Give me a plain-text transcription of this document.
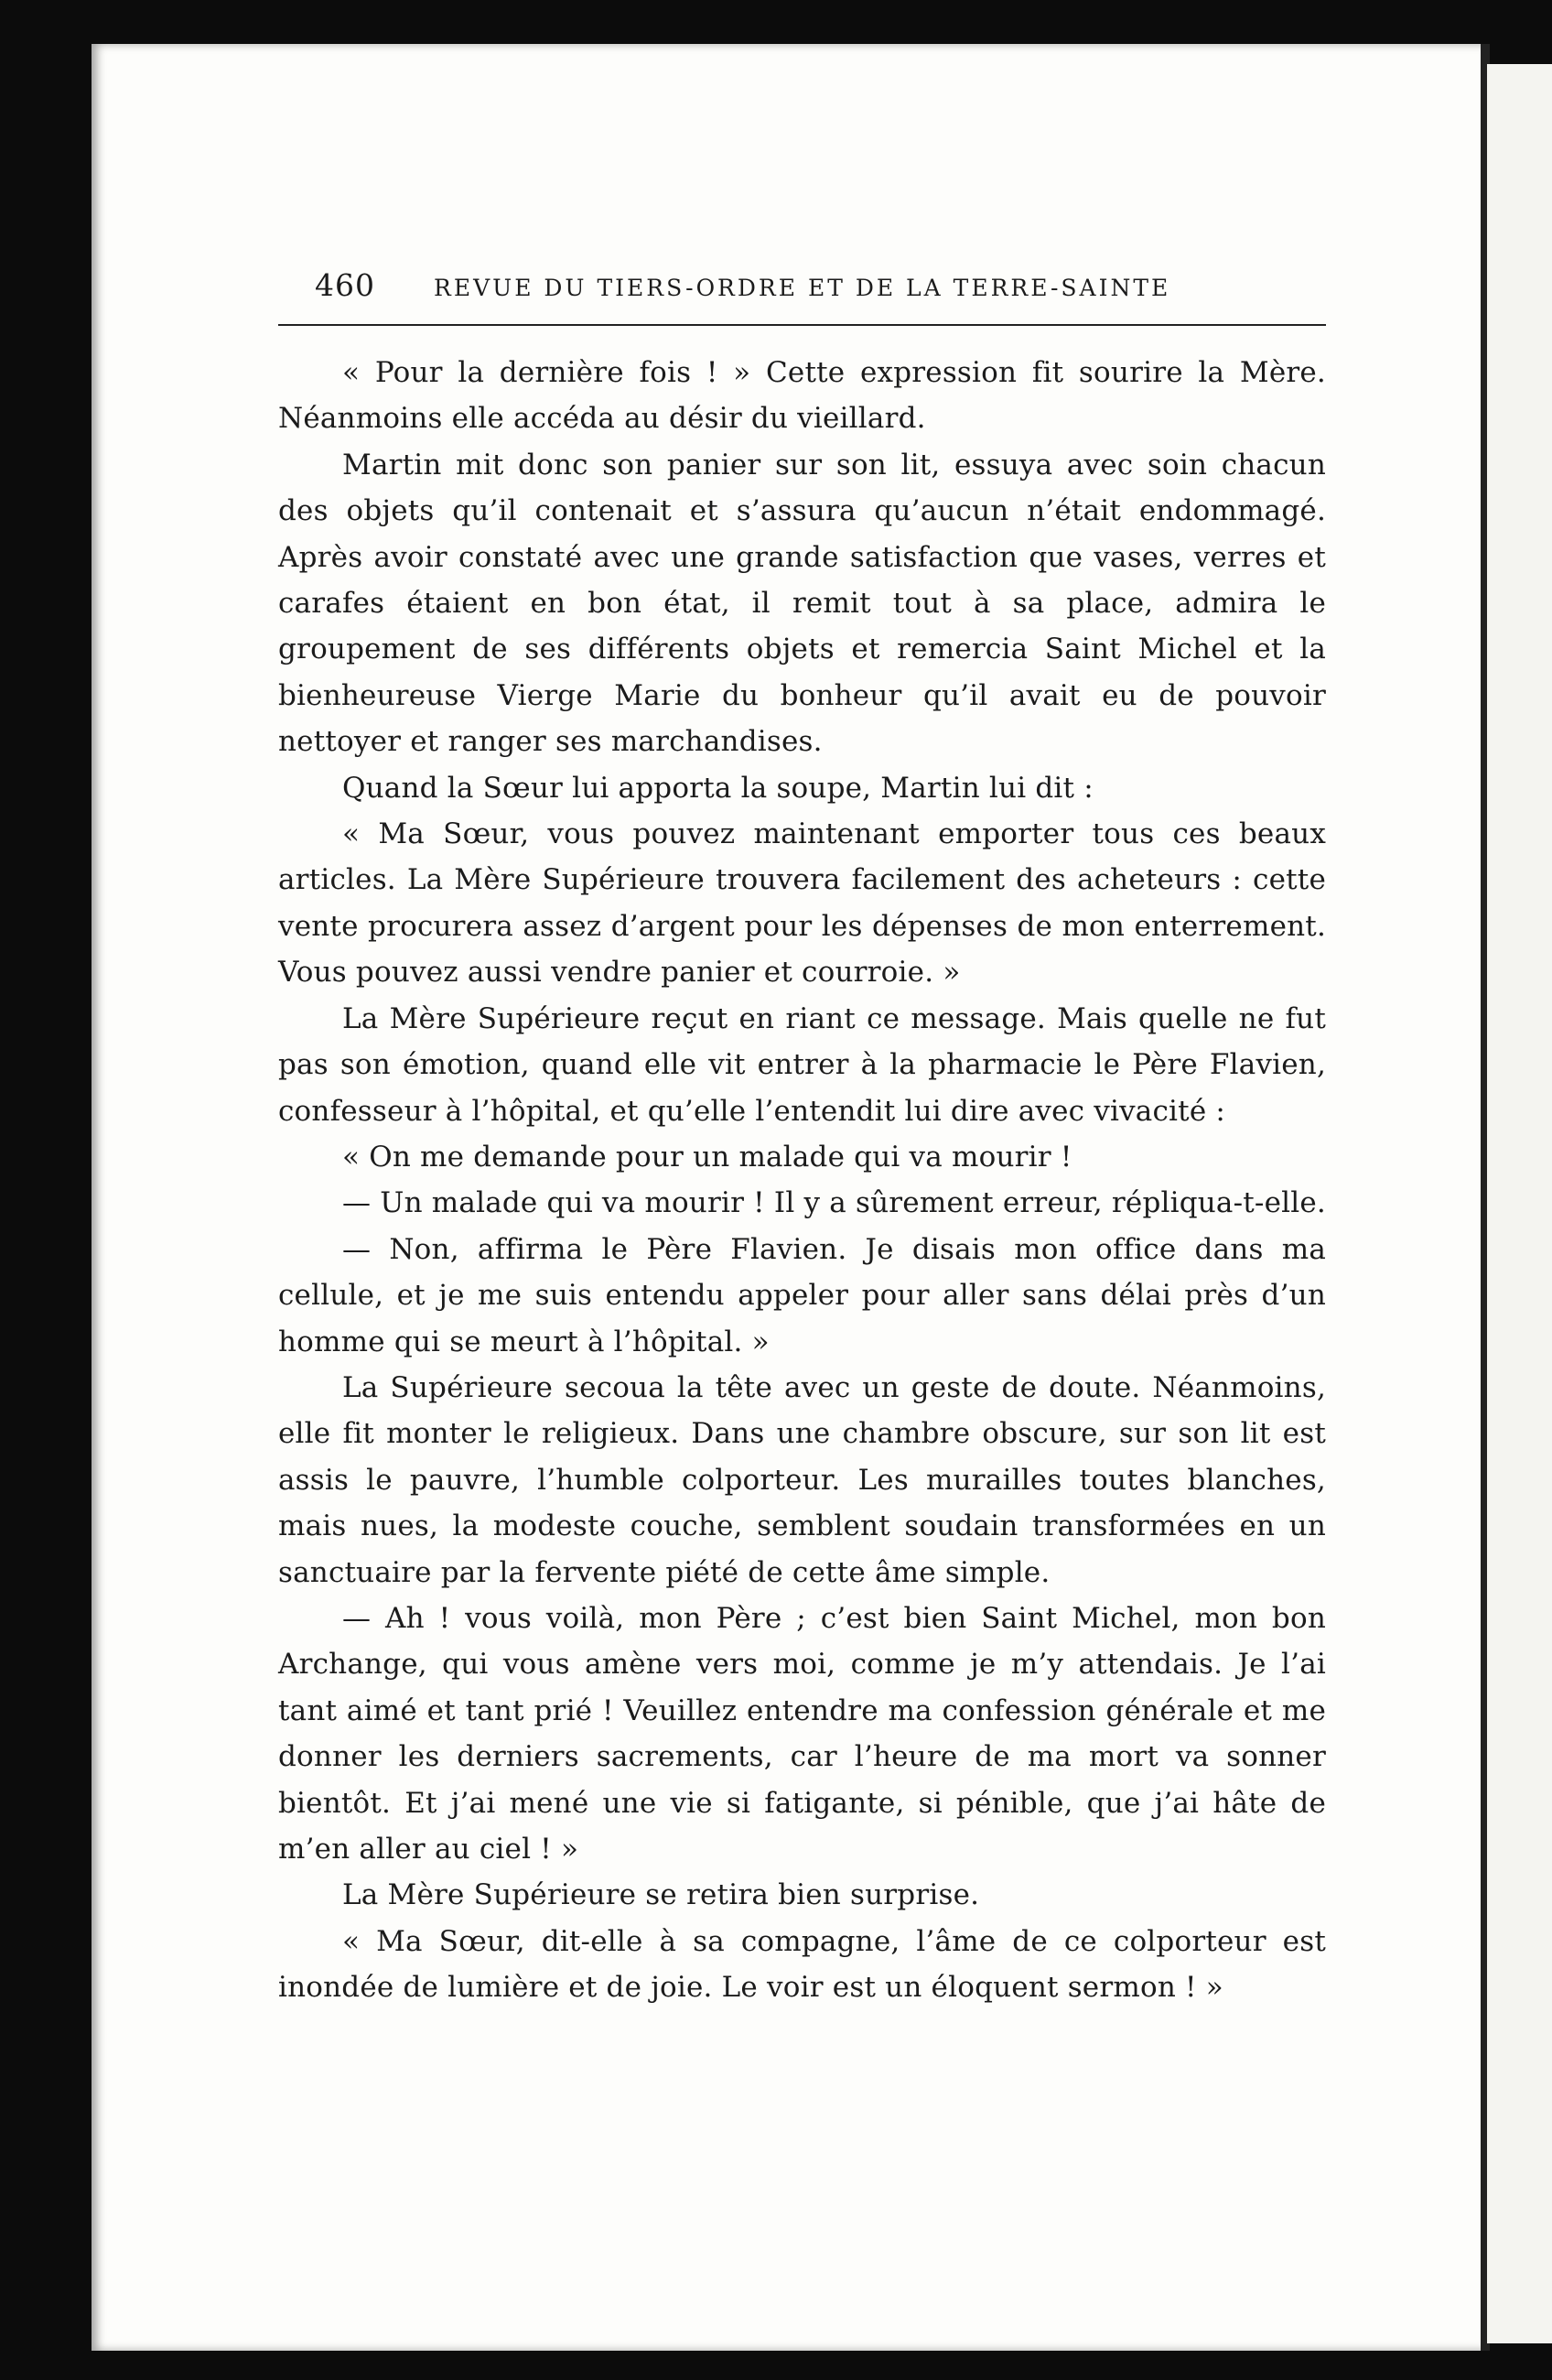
460	REVUE DU TIERS-ORDRE ET DE LA TERRE-SAINTE

« Pour la dernière fois ! » Cette expression fit sourire la Mère. Néanmoins elle accéda au désir du vieillard.

Martin mit donc son panier sur son lit, essuya avec soin chacun des objets qu’il contenait et s’assura qu’aucun n’était endommagé. Après avoir constaté avec une grande satisfaction que vases, verres et carafes étaient en bon état, il remit tout à sa place, admira le groupement de ses différents objets et remercia Saint Michel et la bienheureuse Vierge Marie du bonheur qu’il avait eu de pouvoir nettoyer et ranger ses marchandises.

Quand la Sœur lui apporta la soupe, Martin lui dit :

« Ma Sœur, vous pouvez maintenant emporter tous ces beaux articles. La Mère Supérieure trouvera facilement des acheteurs : cette vente procurera assez d’argent pour les dépenses de mon enterrement. Vous pouvez aussi vendre panier et courroie. »

La Mère Supérieure reçut en riant ce message. Mais quelle ne fut pas son émotion, quand elle vit entrer à la pharmacie le Père Flavien, confesseur à l’hôpital, et qu’elle l’entendit lui dire avec vivacité :

« On me demande pour un malade qui va mourir !

— Un malade qui va mourir ! Il y a sûrement erreur, répliqua-t-elle.

— Non, affirma le Père Flavien. Je disais mon office dans ma cellule, et je me suis entendu appeler pour aller sans délai près d’un homme qui se meurt à l’hôpital. »

La Supérieure secoua la tête avec un geste de doute. Néanmoins, elle fit monter le religieux. Dans une chambre obscure, sur son lit est assis le pauvre, l’humble colporteur. Les murailles toutes blanches, mais nues, la modeste couche, semblent soudain transformées en un sanctuaire par la fervente piété de cette âme simple.

— Ah ! vous voilà, mon Père ; c’est bien Saint Michel, mon bon Archange, qui vous amène vers moi, comme je m’y attendais. Je l’ai tant aimé et tant prié ! Veuillez entendre ma confession générale et me donner les derniers sacrements, car l’heure de ma mort va sonner bientôt. Et j’ai mené une vie si fatigante, si pénible, que j’ai hâte de m’en aller au ciel ! »

La Mère Supérieure se retira bien surprise.

« Ma Sœur, dit-elle à sa compagne, l’âme de ce colporteur est inondée de lumière et de joie. Le voir est un éloquent sermon ! »
